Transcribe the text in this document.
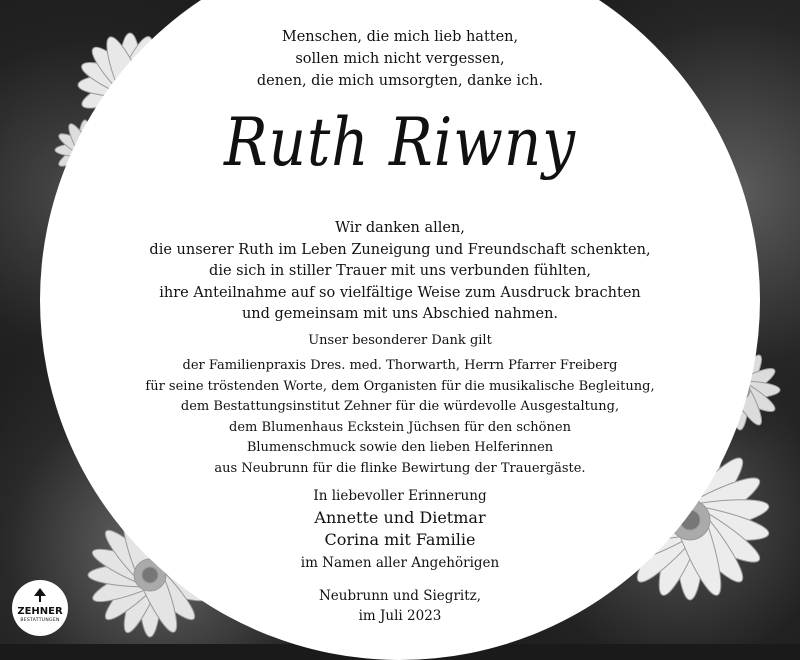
Menschen, die mich lieb hatten,
sollen mich nicht vergessen,
denen, die mich umsorgten, danke ich.
Ruth Riwny
Wir danken allen,
die unserer Ruth im Leben Zuneigung und Freundschaft schenkten,
die sich in stiller Trauer mit uns verbunden fühlten,
ihre Anteilnahme auf so vielfältige Weise zum Ausdruck brachten
und gemeinsam mit uns Abschied nahmen.
Unser besonderer Dank gilt
der Familienpraxis Dres. med. Thorwarth, Herrn Pfarrer Freiberg
für seine tröstenden Worte, dem Organisten für die musikalische Begleitung,
dem Bestattungsinstitut Zehner für die würdevolle Ausgestaltung,
dem Blumenhaus Eckstein Jüchsen für den schönen
Blumenschmuck sowie den lieben Helferinnen
aus Neubrunn für die flinke Bewirtung der Trauergäste.
In liebevoller Erinnerung
Annette und Dietmar
Corina mit Familie
im Namen aller Angehörigen
Neubrunn und Siegritz,
im Juli 2023
ZEHNER
BESTATTUNGEN
